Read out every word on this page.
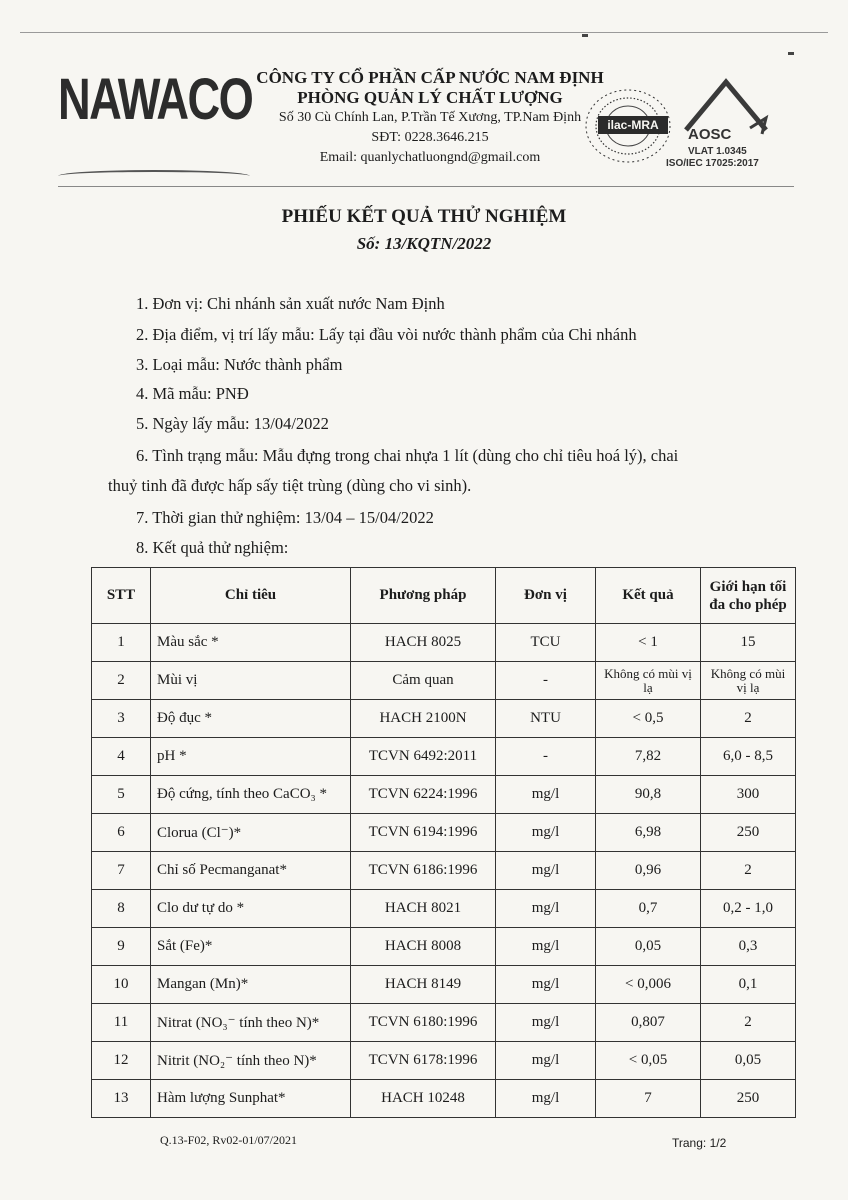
NAWACO CÔNG TY CỔ PHẦN CẤP NƯỚC NAM ĐỊNH
PHÒNG QUẢN LÝ CHẤT LƯỢNG
Số 30 Cù Chính Lan, P.Trần Tế Xương, TP.Nam Định
SĐT: 0228.3646.215
Email: quanlychatluongnd@gmail.com
ilac-MRA
AOSC
VLAT 1.0345
ISO/IEC 17025:2017
PHIẾU KẾT QUẢ THỬ NGHIỆM
Số: 13/KQTN/2022
1. Đơn vị: Chi nhánh sản xuất nước Nam Định
2. Địa điểm, vị trí lấy mẫu: Lấy tại đầu vòi nước thành phẩm của Chi nhánh
3. Loại mẫu: Nước thành phẩm
4. Mã mẫu: PNĐ
5. Ngày lấy mẫu: 13/04/2022
6. Tình trạng mẫu: Mẫu đựng trong chai nhựa 1 lít (dùng cho chỉ tiêu hoá lý), chai
thuỷ tinh đã được hấp sấy tiệt trùng (dùng cho vi sinh).
7. Thời gian thử nghiệm: 13/04 – 15/04/2022
8. Kết quả thử nghiệm:
STT	Chỉ tiêu	Phương pháp	Đơn vị	Kết quả	Giới hạn tối đa cho phép
1	Màu sắc *	HACH 8025	TCU	< 1	15
2	Mùi vị	Cảm quan	-	Không có mùi vị lạ	Không có mùi vị lạ
3	Độ đục *	HACH 2100N	NTU	< 0,5	2
4	pH *	TCVN 6492:2011	-	7,82	6,0 - 8,5
5	Độ cứng, tính theo CaCO₃ *	TCVN 6224:1996	mg/l	90,8	300
6	Clorua (Cl⁻)*	TCVN 6194:1996	mg/l	6,98	250
7	Chỉ số Pecmanganat*	TCVN 6186:1996	mg/l	0,96	2
8	Clo dư tự do *	HACH 8021	mg/l	0,7	0,2 - 1,0
9	Sắt (Fe)*	HACH 8008	mg/l	0,05	0,3
10	Mangan (Mn)*	HACH 8149	mg/l	< 0,006	0,1
11	Nitrat (NO₃⁻ tính theo N)*	TCVN 6180:1996	mg/l	0,807	2
12	Nitrit (NO₂⁻ tính theo N)*	TCVN 6178:1996	mg/l	< 0,05	0,05
13	Hàm lượng Sunphat*	HACH 10248	mg/l	7	250
Q.13-F02, Rv02-01/07/2021	Trang: 1/2
